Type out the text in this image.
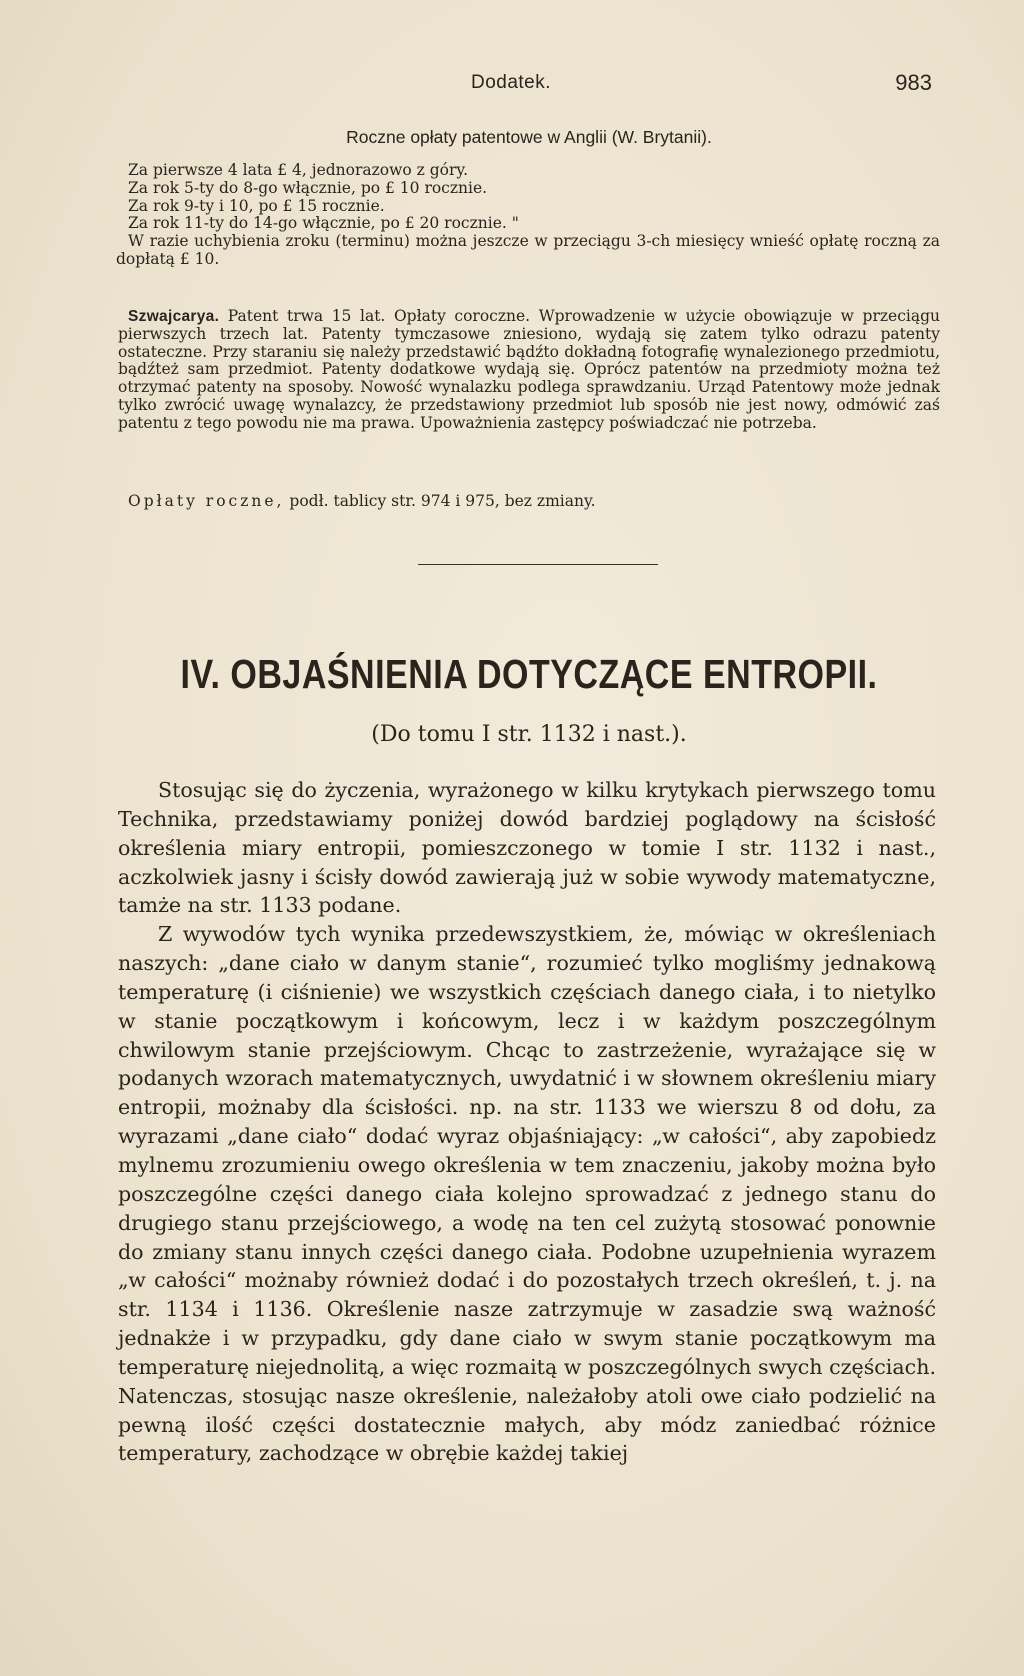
Dodatek.	983
Roczne opłaty patentowe w Anglii (W. Brytanii).
Za pierwsze 4 lata £ 4, jednorazowo z góry.
Za rok 5-ty do 8-go włącznie, po £ 10 rocznie.
Za rok 9-ty i 10, po £ 15 rocznie.
Za rok 11-ty do 14-go włącznie, po £ 20 rocznie. "
W razie uchybienia zroku (terminu) można jeszcze w przeciągu 3-ch miesięcy wnieść opłatę roczną za dopłatą £ 10.
Szwajcarya. Patent trwa 15 lat. Opłaty coroczne. Wprowadzenie w użycie obowiązuje w przeciągu pierwszych trzech lat. Patenty tymczasowe zniesiono, wydają się zatem tylko odrazu patenty ostateczne. Przy staraniu się należy przedstawić bądźto dokładną fotografię wynalezionego przedmiotu, bądźteż sam przedmiot. Patenty dodatkowe wydają się. Oprócz patentów na przedmioty można też otrzymać patenty na sposoby. Nowość wynalazku podlega sprawdzaniu. Urząd Patentowy może jednak tylko zwrócić uwagę wynalazcy, że przedstawiony przedmiot lub sposób nie jest nowy, odmówić zaś patentu z tego powodu nie ma prawa. Upoważnienia zastępcy poświadczać nie potrzeba.
Opłaty roczne, podł. tablicy str. 974 i 975, bez zmiany.
IV. OBJAŚNIENIA DOTYCZĄCE ENTROPII.
(Do tomu I str. 1132 i nast.).

Stosując się do życzenia, wyrażonego w kilku krytykach pierwszego tomu Technika, przedstawiamy poniżej dowód bardziej poglądowy na ścisłość określenia miary entropii, pomieszczonego w tomie I str. 1132 i nast., aczkolwiek jasny i ścisły dowód zawierają już w sobie wywody matematyczne, tamże na str. 1133 podane.

Z wywodów tych wynika przedewszystkiem, że, mówiąc w określeniach naszych: „dane ciało w danym stanie“, rozumieć tylko mogliśmy jednakową temperaturę (i ciśnienie) we wszystkich częściach danego ciała, i to nietylko w stanie początkowym i końcowym, lecz i w każdym poszczególnym chwilowym stanie przejściowym. Chcąc to zastrzeżenie, wyrażające się w podanych wzorach matematycznych, uwydatnić i w słownem określeniu miary entropii, możnaby dla ścisłości. np. na str. 1133 we wierszu 8 od dołu, za wyrazami „dane ciało“ dodać wyraz objaśniający: „w całości“, aby zapobiedz mylnemu zrozumieniu owego określenia w tem znaczeniu, jakoby można było poszczególne części danego ciała kolejno sprowadzać z jednego stanu do drugiego stanu przejściowego, a wodę na ten cel zużytą stosować ponownie do zmiany stanu innych części danego ciała. Podobne uzupełnienia wyrazem „w całości“ możnaby również dodać i do pozostałych trzech określeń, t. j. na str. 1134 i 1136. Określenie nasze zatrzymuje w zasadzie swą ważność jednakże i w przypadku, gdy dane ciało w swym stanie początkowym ma temperaturę niejednolitą, a więc rozmaitą w poszczególnych swych częściach. Natenczas, stosując nasze określenie, należałoby atoli owe ciało podzielić na pewną ilość części dostatecznie małych, aby módz zaniedbać różnice temperatury, zachodzące w obrębie każdej takiej
